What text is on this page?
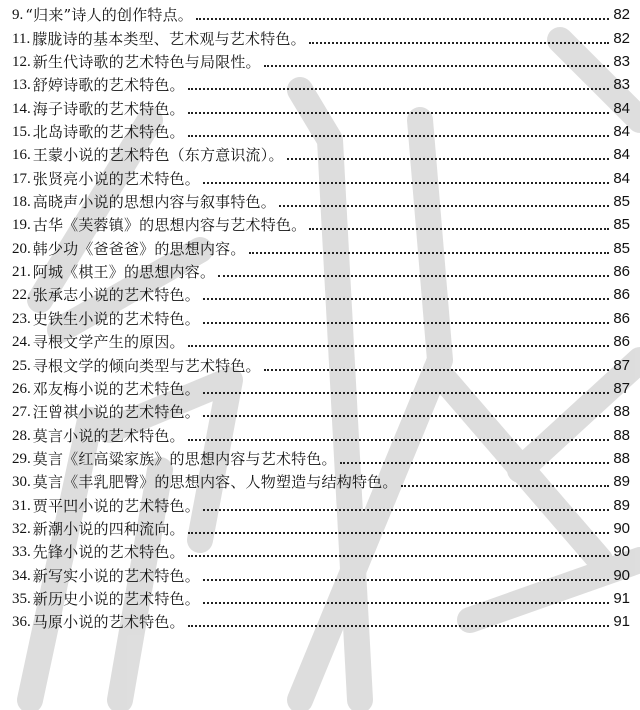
9. “归来”诗人的创作特点。	82
11. 朦胧诗的基本类型、艺术观与艺术特色。	82
12. 新生代诗歌的艺术特色与局限性。	83
13. 舒婷诗歌的艺术特色。	83
14. 海子诗歌的艺术特色。	84
15. 北岛诗歌的艺术特色。	84
16. 王蒙小说的艺术特色（东方意识流）。	84
17. 张贤亮小说的艺术特色。	84
18. 高晓声小说的思想内容与叙事特色。	85
19. 古华《芙蓉镇》的思想内容与艺术特色。	85
20. 韩少功《爸爸爸》的思想内容。	85
21. 阿城《棋王》的思想内容。	86
22. 张承志小说的艺术特色。	86
23. 史铁生小说的艺术特色。	86
24. 寻根文学产生的原因。	86
25. 寻根文学的倾向类型与艺术特色。	87
26. 邓友梅小说的艺术特色。	87
27. 汪曾祺小说的艺术特色。	88
28. 莫言小说的艺术特色。	88
29. 莫言《红高粱家族》的思想内容与艺术特色。	88
30. 莫言《丰乳肥臀》的思想内容、人物塑造与结构特色。	89
31. 贾平凹小说的艺术特色。	89
32. 新潮小说的四种流向。	90
33. 先锋小说的艺术特色。	90
34. 新写实小说的艺术特色。	90
35. 新历史小说的艺术特色。	91
36. 马原小说的艺术特色。	91
